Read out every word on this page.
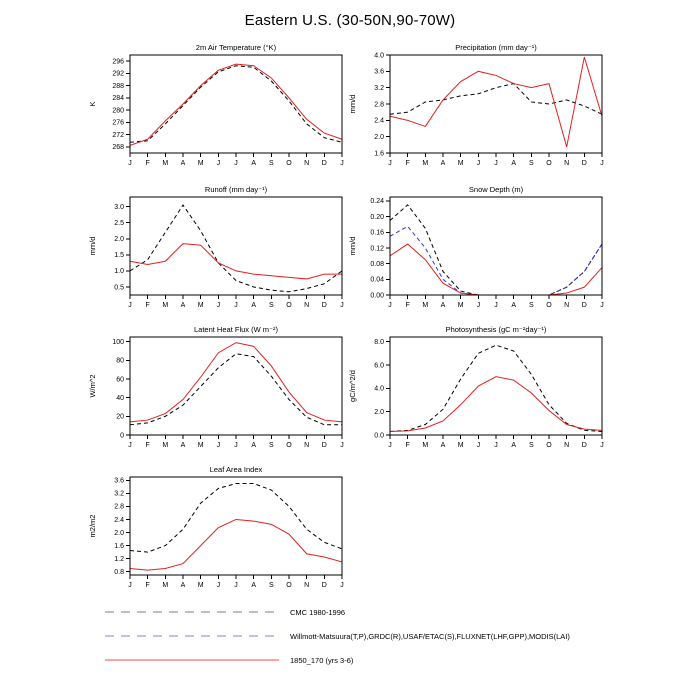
Eastern U.S. (30-50N,90-70W)
2m Air Temperature (°K)
K
268
272
276
280
284
288
292
296
J F M A M J J A S O N D J
Precipitation (mm day⁻¹)
mm/d
1.6
2.0
2.4
2.8
3.2
3.6
4.0
J F M A M J J A S O N D J
Runoff (mm day⁻¹)
mm/d
0.5
1.0
1.5
2.0
2.5
3.0
J F M A M J J A S O N D J
Snow Depth (m)
mm/d
0.00
0.04
0.08
0.12
0.16
0.20
0.24
J F M A M J J A S O N D J
Latent Heat Flux (W m⁻²)
W/m^2
0
20
40
60
80
100
J F M A M J J A S O N D J
Photosynthesis (gC m⁻²day⁻¹)
gC/m^2/d
0.0
2.0
4.0
6.0
8.0
J F M A M J J A S O N D J
Leaf Area Index
m2/m2
0.8
1.2
1.6
2.0
2.4
2.8
3.2
3.6
J F M A M J J A S O N D J
CMC 1980-1996
Willmott-Matsuura(T,P),GRDC(R),USAF/ETAC(S),FLUXNET(LHF,GPP),MODIS(LAI)
1850_170 (yrs 3-6)
